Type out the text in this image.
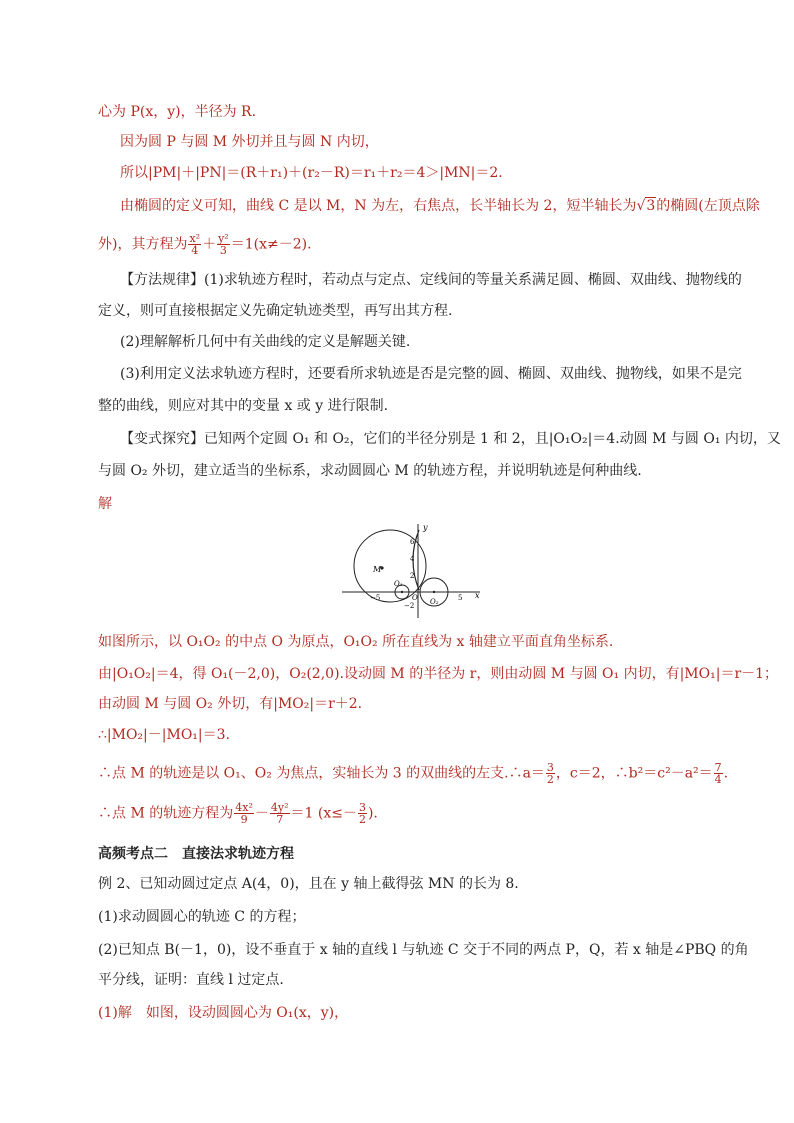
心为 P(x，y)，半径为 R.
因为圆 P 与圆 M 外切并且与圆 N 内切，
所以|PM|＋|PN|＝(R＋r₁)＋(r₂－R)＝r₁＋r₂＝4＞|MN|＝2.
由椭圆的定义可知，曲线 C 是以 M，N 为左，右焦点，长半轴长为 2，短半轴长为√3的椭圆(左顶点除
外)，其方程为 $\frac{\text{x²}}{4} + \frac{\text{y²}}{3} =1(x\ne-2)$.
【方法规律】(1)求轨迹方程时，若动点与定点、定线间的等量关系满足圆、椭圆、双曲线、抛物线的
定义，则可直接根据定义先确定轨迹类型，再写出其方程.
(2)理解解析几何中有关曲线的定义是解题关键.
(3)利用定义法求轨迹方程时，还要看所求轨迹是否是完整的圆、椭圆、双曲线、抛物线，如果不是完
整的曲线，则应对其中的变量 x 或 y 进行限制.
【变式探究】已知两个定圆 O₁ 和 O₂，它们的半径分别是 1 和 2，且|O₁O₂|＝4.动圆 M 与圆 O₁ 内切，又
与圆 O₂ 外切，建立适当的坐标系，求动圆圆心 M 的轨迹方程，并说明轨迹是何种曲线.
解
y
x
6
4
2
−2
−5	O	5
M
O₁
O₂
如图所示，以 O₁O₂ 的中点 O 为原点，O₁O₂ 所在直线为 x 轴建立平面直角坐标系.
由|O₁O₂|＝4，得 O₁(－2,0)，O₂(2,0).设动圆 M 的半径为 r，则由动圆 M 与圆 O₁ 内切，有|MO₁|＝r－1；
由动圆 M 与圆 O₂ 外切，有|MO₂|＝r＋2.
∴|MO₂|－|MO₁|＝3.
∴点 M 的轨迹是以 O₁、O₂ 为焦点，实轴长为 3 的双曲线的左支.∴a＝ $\frac{3}{2}$ ，c＝2，∴b²＝c²－a²＝ $\frac{7}{4}$ .
∴点 M 的轨迹方程为 $\frac{\text{4x²}}{9} - \frac{\text{4y²}}{7} =1$ ($x\le- \frac{3}{2}$ ).
高频考点二　直接法求轨迹方程
例 2、已知动圆过定点 A(4，0)，且在 y 轴上截得弦 MN 的长为 8.
(1)求动圆圆心的轨迹 C 的方程；
(2)已知点 B(－1，0)，设不垂直于 x 轴的直线 l 与轨迹 C 交于不同的两点 P，Q，若 x 轴是∠PBQ 的角
平分线，证明：直线 l 过定点.
(1)解　如图，设动圆圆心为 O₁(x，y)，
